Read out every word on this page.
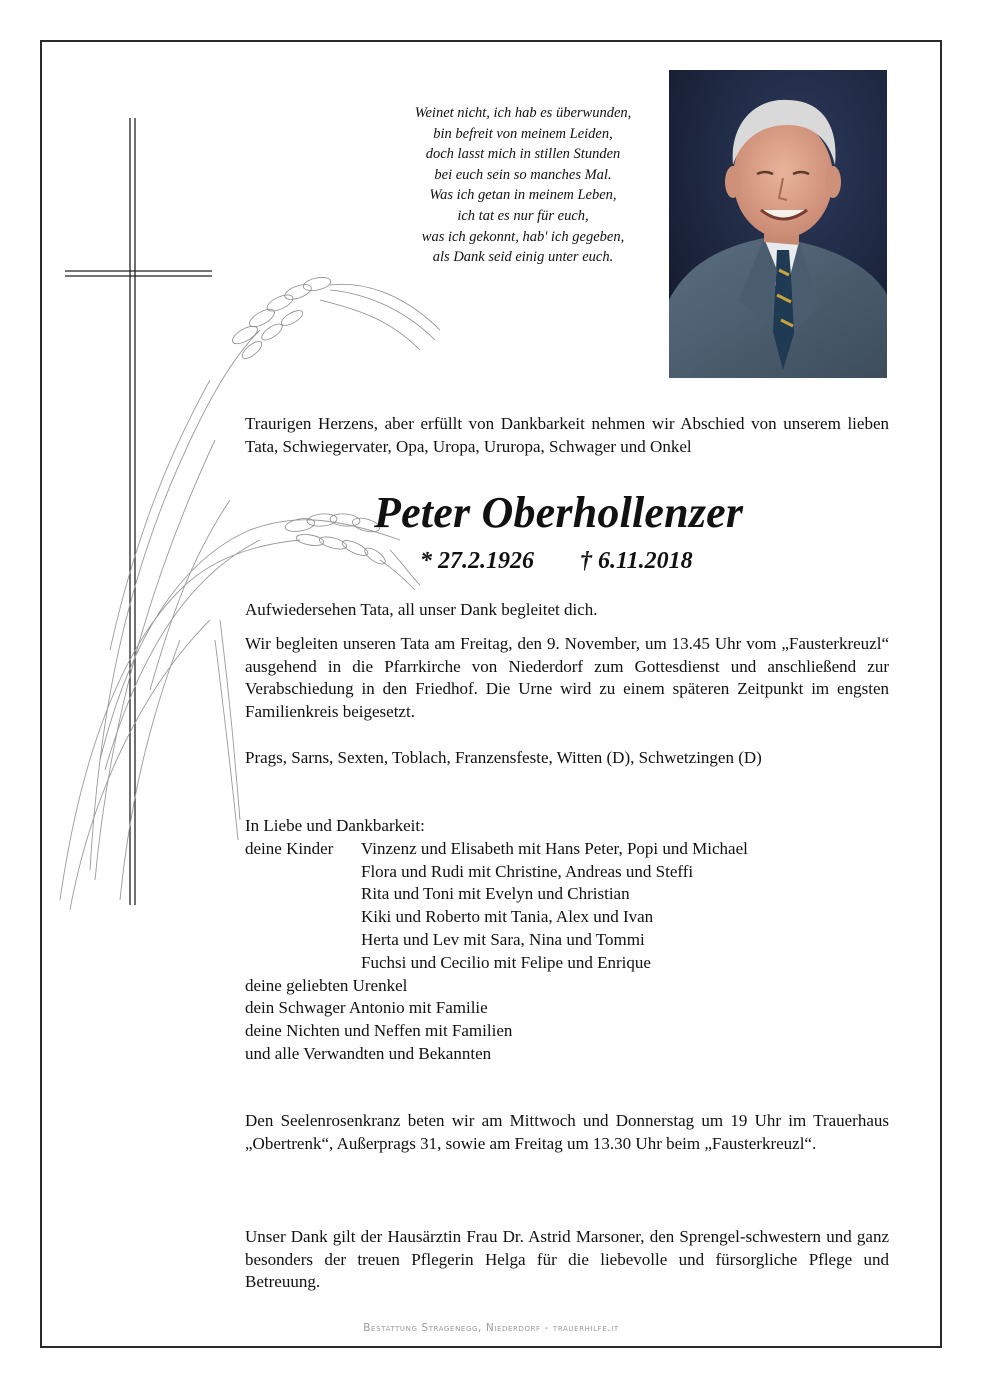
Weinet nicht, ich hab es überwunden,
bin befreit von meinem Leiden,
doch lasst mich in stillen Stunden
bei euch sein so manches Mal.
Was ich getan in meinem Leben,
ich tat es nur für euch,
was ich gekonnt, hab' ich gegeben,
als Dank seid einig unter euch.
Traurigen Herzens, aber erfüllt von Dankbarkeit nehmen wir Abschied von unserem lieben Tata, Schwiegervater, Opa, Uropa, Ururopa, Schwager und Onkel
Peter Oberhollenzer
* 27.2.1926 † 6.11.2018
Aufwiedersehen Tata, all unser Dank begleitet dich.
Wir begleiten unseren Tata am Freitag, den 9. November, um 13.45 Uhr vom „Fausterkreuzl“ ausgehend in die Pfarrkirche von Niederdorf zum Gottesdienst und anschließend zur Verabschiedung in den Friedhof. Die Urne wird zu einem späteren Zeitpunkt im engsten Familienkreis beigesetzt.
Prags, Sarns, Sexten, Toblach, Franzensfeste, Witten (D), Schwetzingen (D)
In Liebe und Dankbarkeit:
deine Kinder	Vinzenz und Elisabeth mit Hans Peter, Popi und Michael
Flora und Rudi mit Christine, Andreas und Steffi
Rita und Toni mit Evelyn und Christian
Kiki und Roberto mit Tania, Alex und Ivan
Herta und Lev mit Sara, Nina und Tommi
Fuchsi und Cecilio mit Felipe und Enrique
deine geliebten Urenkel
dein Schwager Antonio mit Familie
deine Nichten und Neffen mit Familien
und alle Verwandten und Bekannten
Den Seelenrosenkranz beten wir am Mittwoch und Donnerstag um 19 Uhr im Trauerhaus „Obertrenk“, Außerprags 31, sowie am Freitag um 13.30 Uhr beim „Fausterkreuzl“.
Unser Dank gilt der Hausärztin Frau Dr. Astrid Marsoner, den Sprengel-schwestern und ganz besonders der treuen Pflegerin Helga für die liebevolle und fürsorgliche Pflege und Betreuung.
Bestattung Stragenegg, Niederdorf - trauerhilfe.it
